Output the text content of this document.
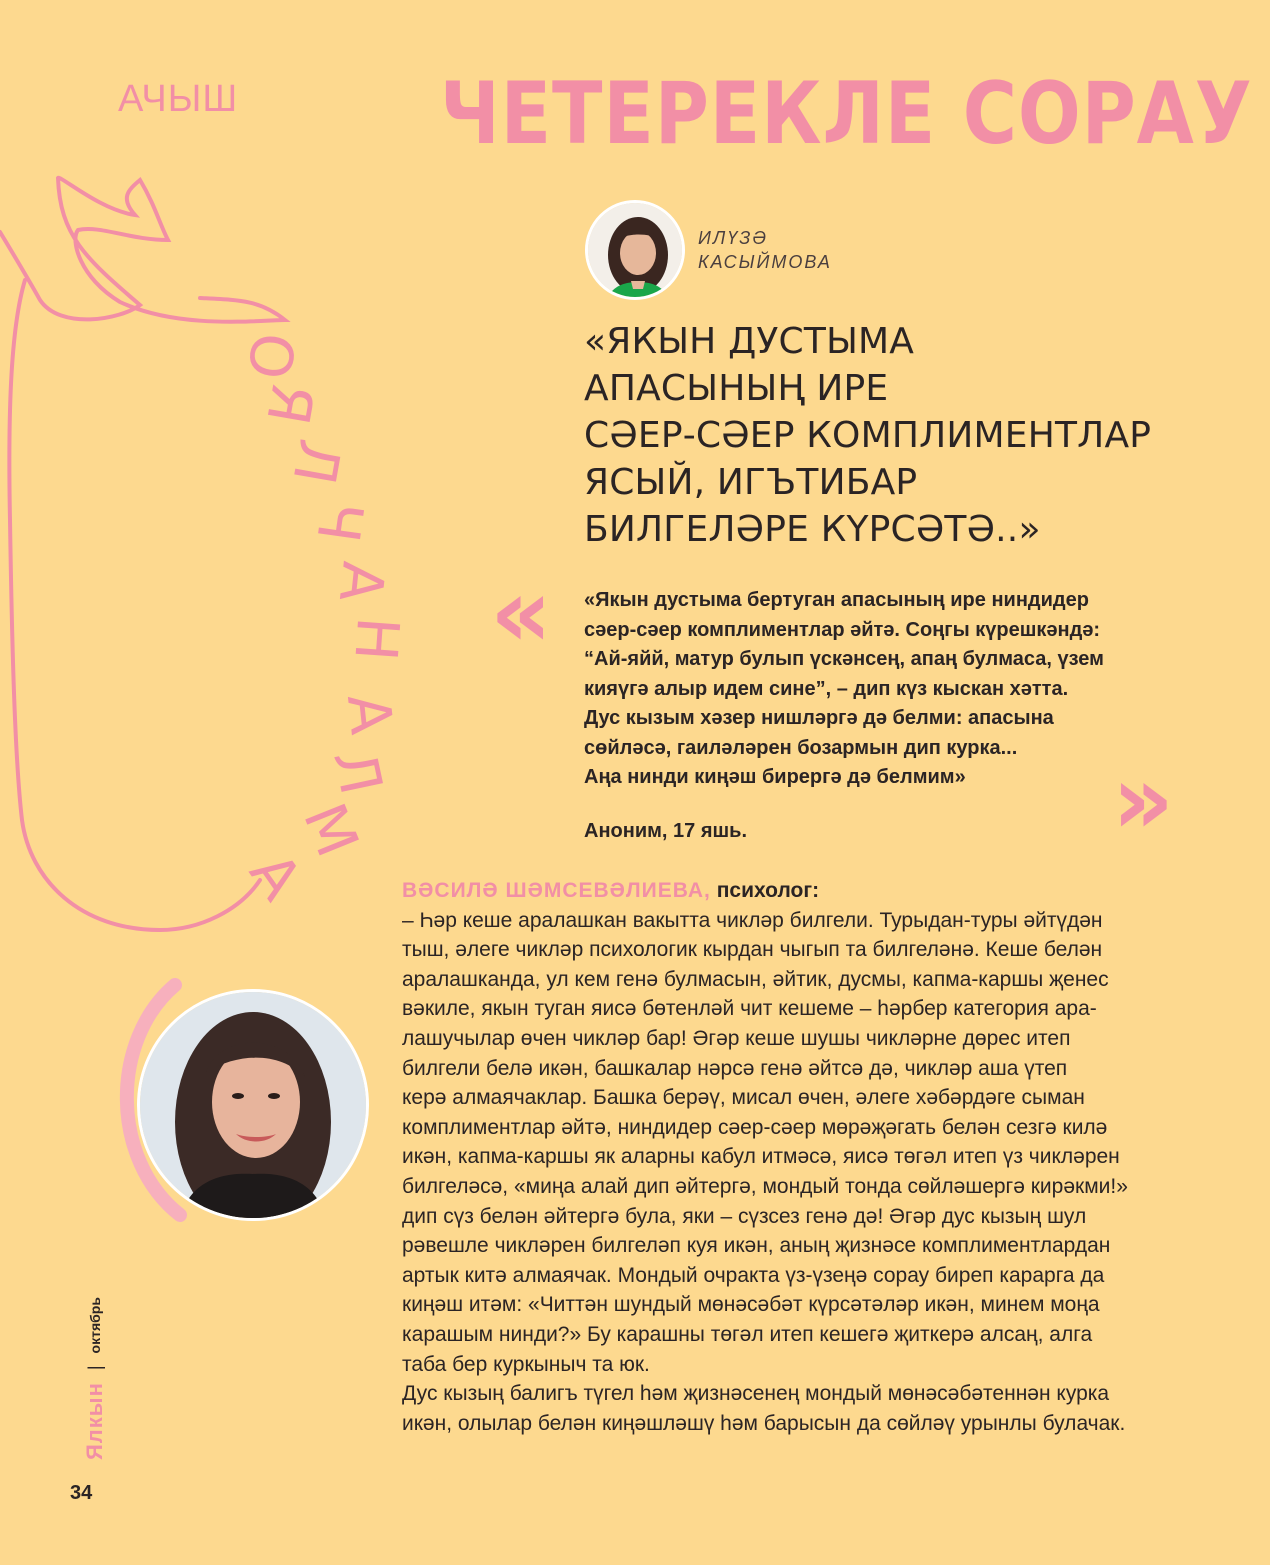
О
Я
Л
Ч
А
Н
А
Л
М
А
АЧЫШ ЧЕТЕРЕКЛЕ СОРАУ
ИЛҮЗӘ
КАСЫЙМОВА
«ЯКЫН ДУСТЫМА
АПАСЫНЫҢ ИРЕ
СӘЕР-СӘЕР КОМПЛИМЕНТЛАР
ЯСЫЙ, ИГЪТИБАР
БИЛГЕЛӘРЕ КҮРСӘТӘ..»
«
»
«Якын дустыма бертуган апасының ире ниндидер
сәер-сәер комплиментлар әйтә. Соңгы күрешкәндә:
“Ай-яйй, матур булып үскәнсең, апаң булмаса, үзем
кияүгә алыр идем сине”, – дип күз кыскан хәтта.
Дус кызым хәзер нишләргә дә белми: апасына
сөйләсә, гаиләләрен бозармын дип курка...
Аңа нинди киңәш бирергә дә белмим»
Аноним, 17 яшь.
ВӘСИЛӘ ШӘМСЕВӘЛИЕВА, психолог:
– Һәр кеше аралашкан вакытта чикләр билгели. Турыдан-туры әйтүдән
тыш, әлеге чикләр психологик кырдан чыгып та билгеләнә. Кеше белән
аралашканда, ул кем генә булмасын, әйтик, дусмы, капма-каршы җенес
вәкиле, якын туган яисә бөтенләй чит кешеме – һәрбер категория ара-
лашучылар өчен чикләр бар! Әгәр кеше шушы чикләрне дөрес итеп
билгели белә икән, башкалар нәрсә генә әйтсә дә, чикләр аша үтеп
керә алмаячаклар. Башка берәү, мисал өчен, әлеге хәбәрдәге сыман
комплиментлар әйтә, ниндидер сәер-сәер мөрәҗәгать белән сезгә килә
икән, капма-каршы як аларны кабул итмәсә, яисә төгәл итеп үз чикләрен
билгеләсә, «миңа алай дип әйтергә, мондый тонда сөйләшергә кирәкми!»
дип сүз белән әйтергә була, яки – сүзсез генә дә! Әгәр дус кызың шул
рәвешле чикләрен билгеләп куя икән, аның җизнәсе комплиментлардан
артык китә алмаячак. Мондый очракта үз-үзеңә сорау биреп карарга да
киңәш итәм: «Читтән шундый мөнәсәбәт күрсәтәләр икән, минем моңа
карашым нинди?» Бу карашны төгәл итеп кешегә җиткерә алсаң, алга
таба бер куркыныч та юк.
Дус кызың балигъ түгел һәм җизнәсенең мондый мөнәсәбәтеннән курка
икән, олылар белән киңәшләшү һәм барысын да сөйләү урынлы булачак.
Ялкын
|
октябрь
34
